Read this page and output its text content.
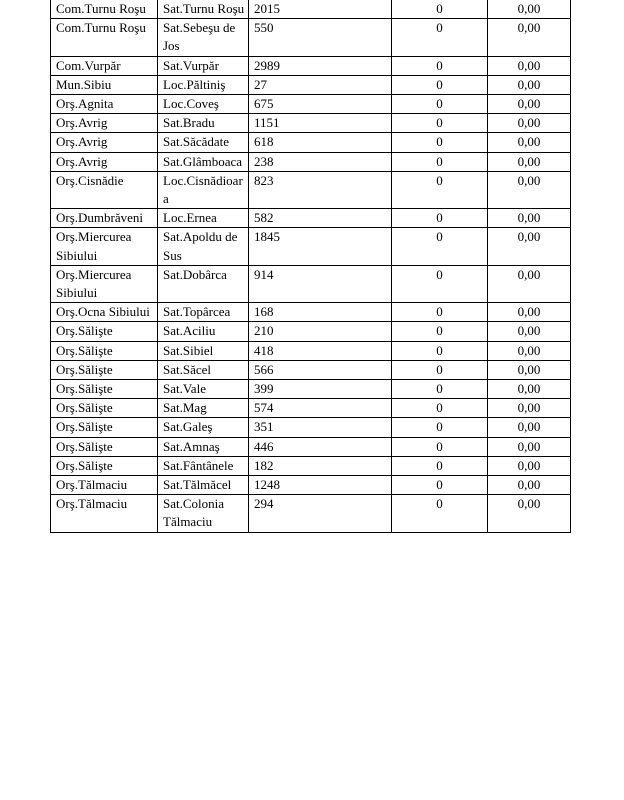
Com.Turnu Roşu	Sat.Turnu Roşu	2015	0	0,00
Com.Turnu Roşu	Sat.Sebeşu de Jos	550	0	0,00
Com.Vurpăr	Sat.Vurpăr	2989	0	0,00
Mun.Sibiu	Loc.Păltiniş	27	0	0,00
Orş.Agnita	Loc.Coveş	675	0	0,00
Orş.Avrig	Sat.Bradu	1151	0	0,00
Orş.Avrig	Sat.Săcădate	618	0	0,00
Orş.Avrig	Sat.Glâmboaca	238	0	0,00
Orş.Cisnădie	Loc.Cisnădioara	823	0	0,00
Orş.Dumbrăveni	Loc.Ernea	582	0	0,00
Orş.Miercurea Sibiului	Sat.Apoldu de Sus	1845	0	0,00
Orş.Miercurea Sibiului	Sat.Dobârca	914	0	0,00
Orş.Ocna Sibiului	Sat.Topârcea	168	0	0,00
Orş.Sălişte	Sat.Aciliu	210	0	0,00
Orş.Sălişte	Sat.Sibiel	418	0	0,00
Orş.Sălişte	Sat.Săcel	566	0	0,00
Orş.Sălişte	Sat.Vale	399	0	0,00
Orş.Sălişte	Sat.Mag	574	0	0,00
Orş.Sălişte	Sat.Galeş	351	0	0,00
Orş.Sălişte	Sat.Amnaş	446	0	0,00
Orş.Sălişte	Sat.Fântânele	182	0	0,00
Orş.Tălmaciu	Sat.Tălmăcel	1248	0	0,00
Orş.Tălmaciu	Sat.Colonia Tălmaciu	294	0	0,00
